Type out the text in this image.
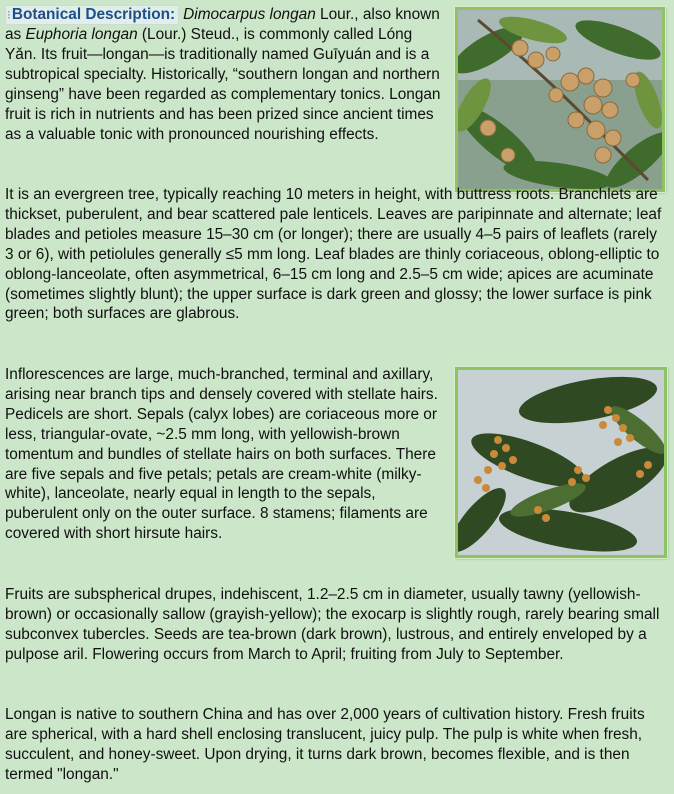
⁝Botanical Description: Dimocarpus longan Lour., also known as Euphoria longan (Lour.) Steud., is commonly called Lóng Yǎn. Its fruit—longan—is traditionally named Guīyuán and is a subtropical specialty. Historically, “southern longan and northern ginseng” have been regarded as complementary tonics. Longan fruit is rich in nutrients and has been prized since ancient times as a valuable tonic with pronounced nourishing effects.

It is an evergreen tree, typically reaching 10 meters in height, with buttress roots. Branchlets are thickset, puberulent, and bear scattered pale lenticels. Leaves are paripinnate and alternate; leaf blades and petioles measure 15–30 cm (or longer); there are usually 4–5 pairs of leaflets (rarely 3 or 6), with petiolules generally ≤5 mm long. Leaf blades are thinly coriaceous, oblong-elliptic to oblong-lanceolate, often asymmetrical, 6–15 cm long and 2.5–5 cm wide; apices are acuminate (sometimes slightly blunt); the upper surface is dark green and glossy; the lower surface is pink green; both surfaces are glabrous.

Inflorescences are large, much-branched, terminal and axillary, arising near branch tips and densely covered with stellate hairs. Pedicels are short. Sepals (calyx lobes) are coriaceous more or less, triangular-ovate, ~2.5 mm long, with yellowish-brown tomentum and bundles of stellate hairs on both surfaces. There are five sepals and five petals; petals are cream-white (milky-white), lanceolate, nearly equal in length to the sepals, puberulent only on the outer surface. 8 stamens; filaments are covered with short hirsute hairs.

Fruits are subspherical drupes, indehiscent, 1.2–2.5 cm in diameter, usually tawny (yellowish-brown) or occasionally sallow (grayish-yellow); the exocarp is slightly rough, rarely bearing small subconvex tubercles. Seeds are tea-brown (dark brown), lustrous, and entirely enveloped by a pulpose aril. Flowering occurs from March to April; fruiting from July to September.

Longan is native to southern China and has over 2,000 years of cultivation history. Fresh fruits are spherical, with a hard shell enclosing translucent, juicy pulp. The pulp is white when fresh, succulent, and honey-sweet. Upon drying, it turns dark brown, becomes flexible, and is then termed "longan."
